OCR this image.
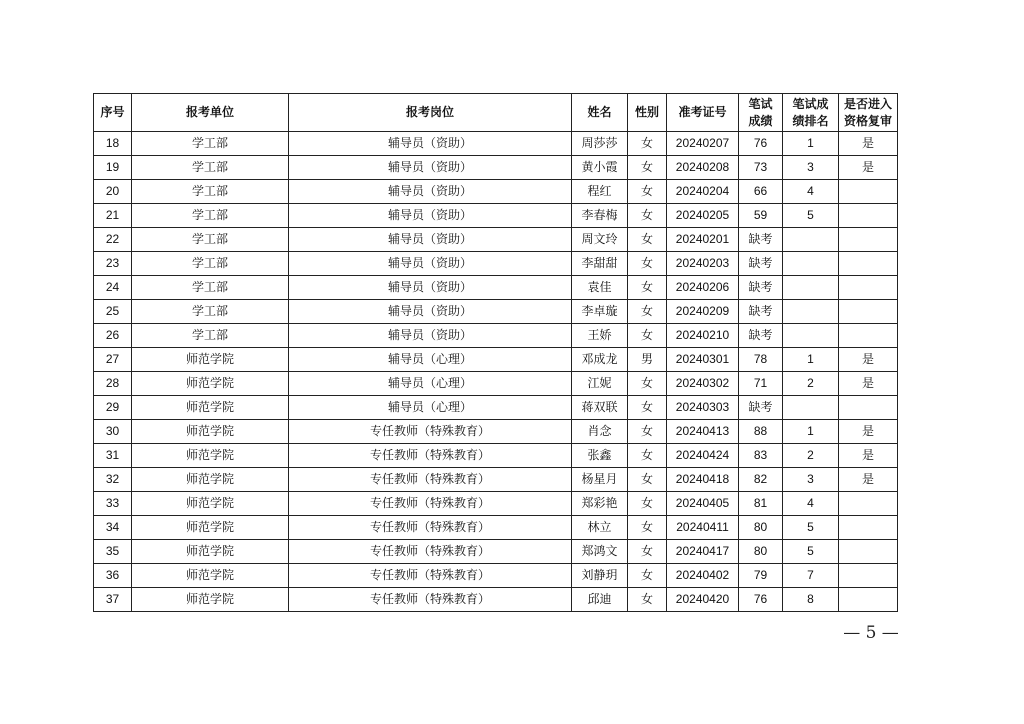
序号	报考单位	报考岗位	姓名	性别	准考证号	笔试成绩	笔试成绩排名	是否进入资格复审
18	学工部	辅导员（资助）	周莎莎	女	20240207	76	1	是
19	学工部	辅导员（资助）	黄小霞	女	20240208	73	3	是
20	学工部	辅导员（资助）	程红	女	20240204	66	4	
21	学工部	辅导员（资助）	李春梅	女	20240205	59	5	
22	学工部	辅导员（资助）	周文玲	女	20240201	缺考		
23	学工部	辅导员（资助）	李甜甜	女	20240203	缺考		
24	学工部	辅导员（资助）	袁佳	女	20240206	缺考		
25	学工部	辅导员（资助）	李卓璇	女	20240209	缺考		
26	学工部	辅导员（资助）	王娇	女	20240210	缺考		
27	师范学院	辅导员（心理）	邓成龙	男	20240301	78	1	是
28	师范学院	辅导员（心理）	江妮	女	20240302	71	2	是
29	师范学院	辅导员（心理）	蒋双联	女	20240303	缺考		
30	师范学院	专任教师（特殊教育）	肖念	女	20240413	88	1	是
31	师范学院	专任教师（特殊教育）	张鑫	女	20240424	83	2	是
32	师范学院	专任教师（特殊教育）	杨星月	女	20240418	82	3	是
33	师范学院	专任教师（特殊教育）	郑彩艳	女	20240405	81	4	
34	师范学院	专任教师（特殊教育）	林立	女	20240411	80	5	
35	师范学院	专任教师（特殊教育）	郑鸿文	女	20240417	80	5	
36	师范学院	专任教师（特殊教育）	刘静玥	女	20240402	79	7	
37	师范学院	专任教师（特殊教育）	邱迪	女	20240420	76	8	
— 5 —
